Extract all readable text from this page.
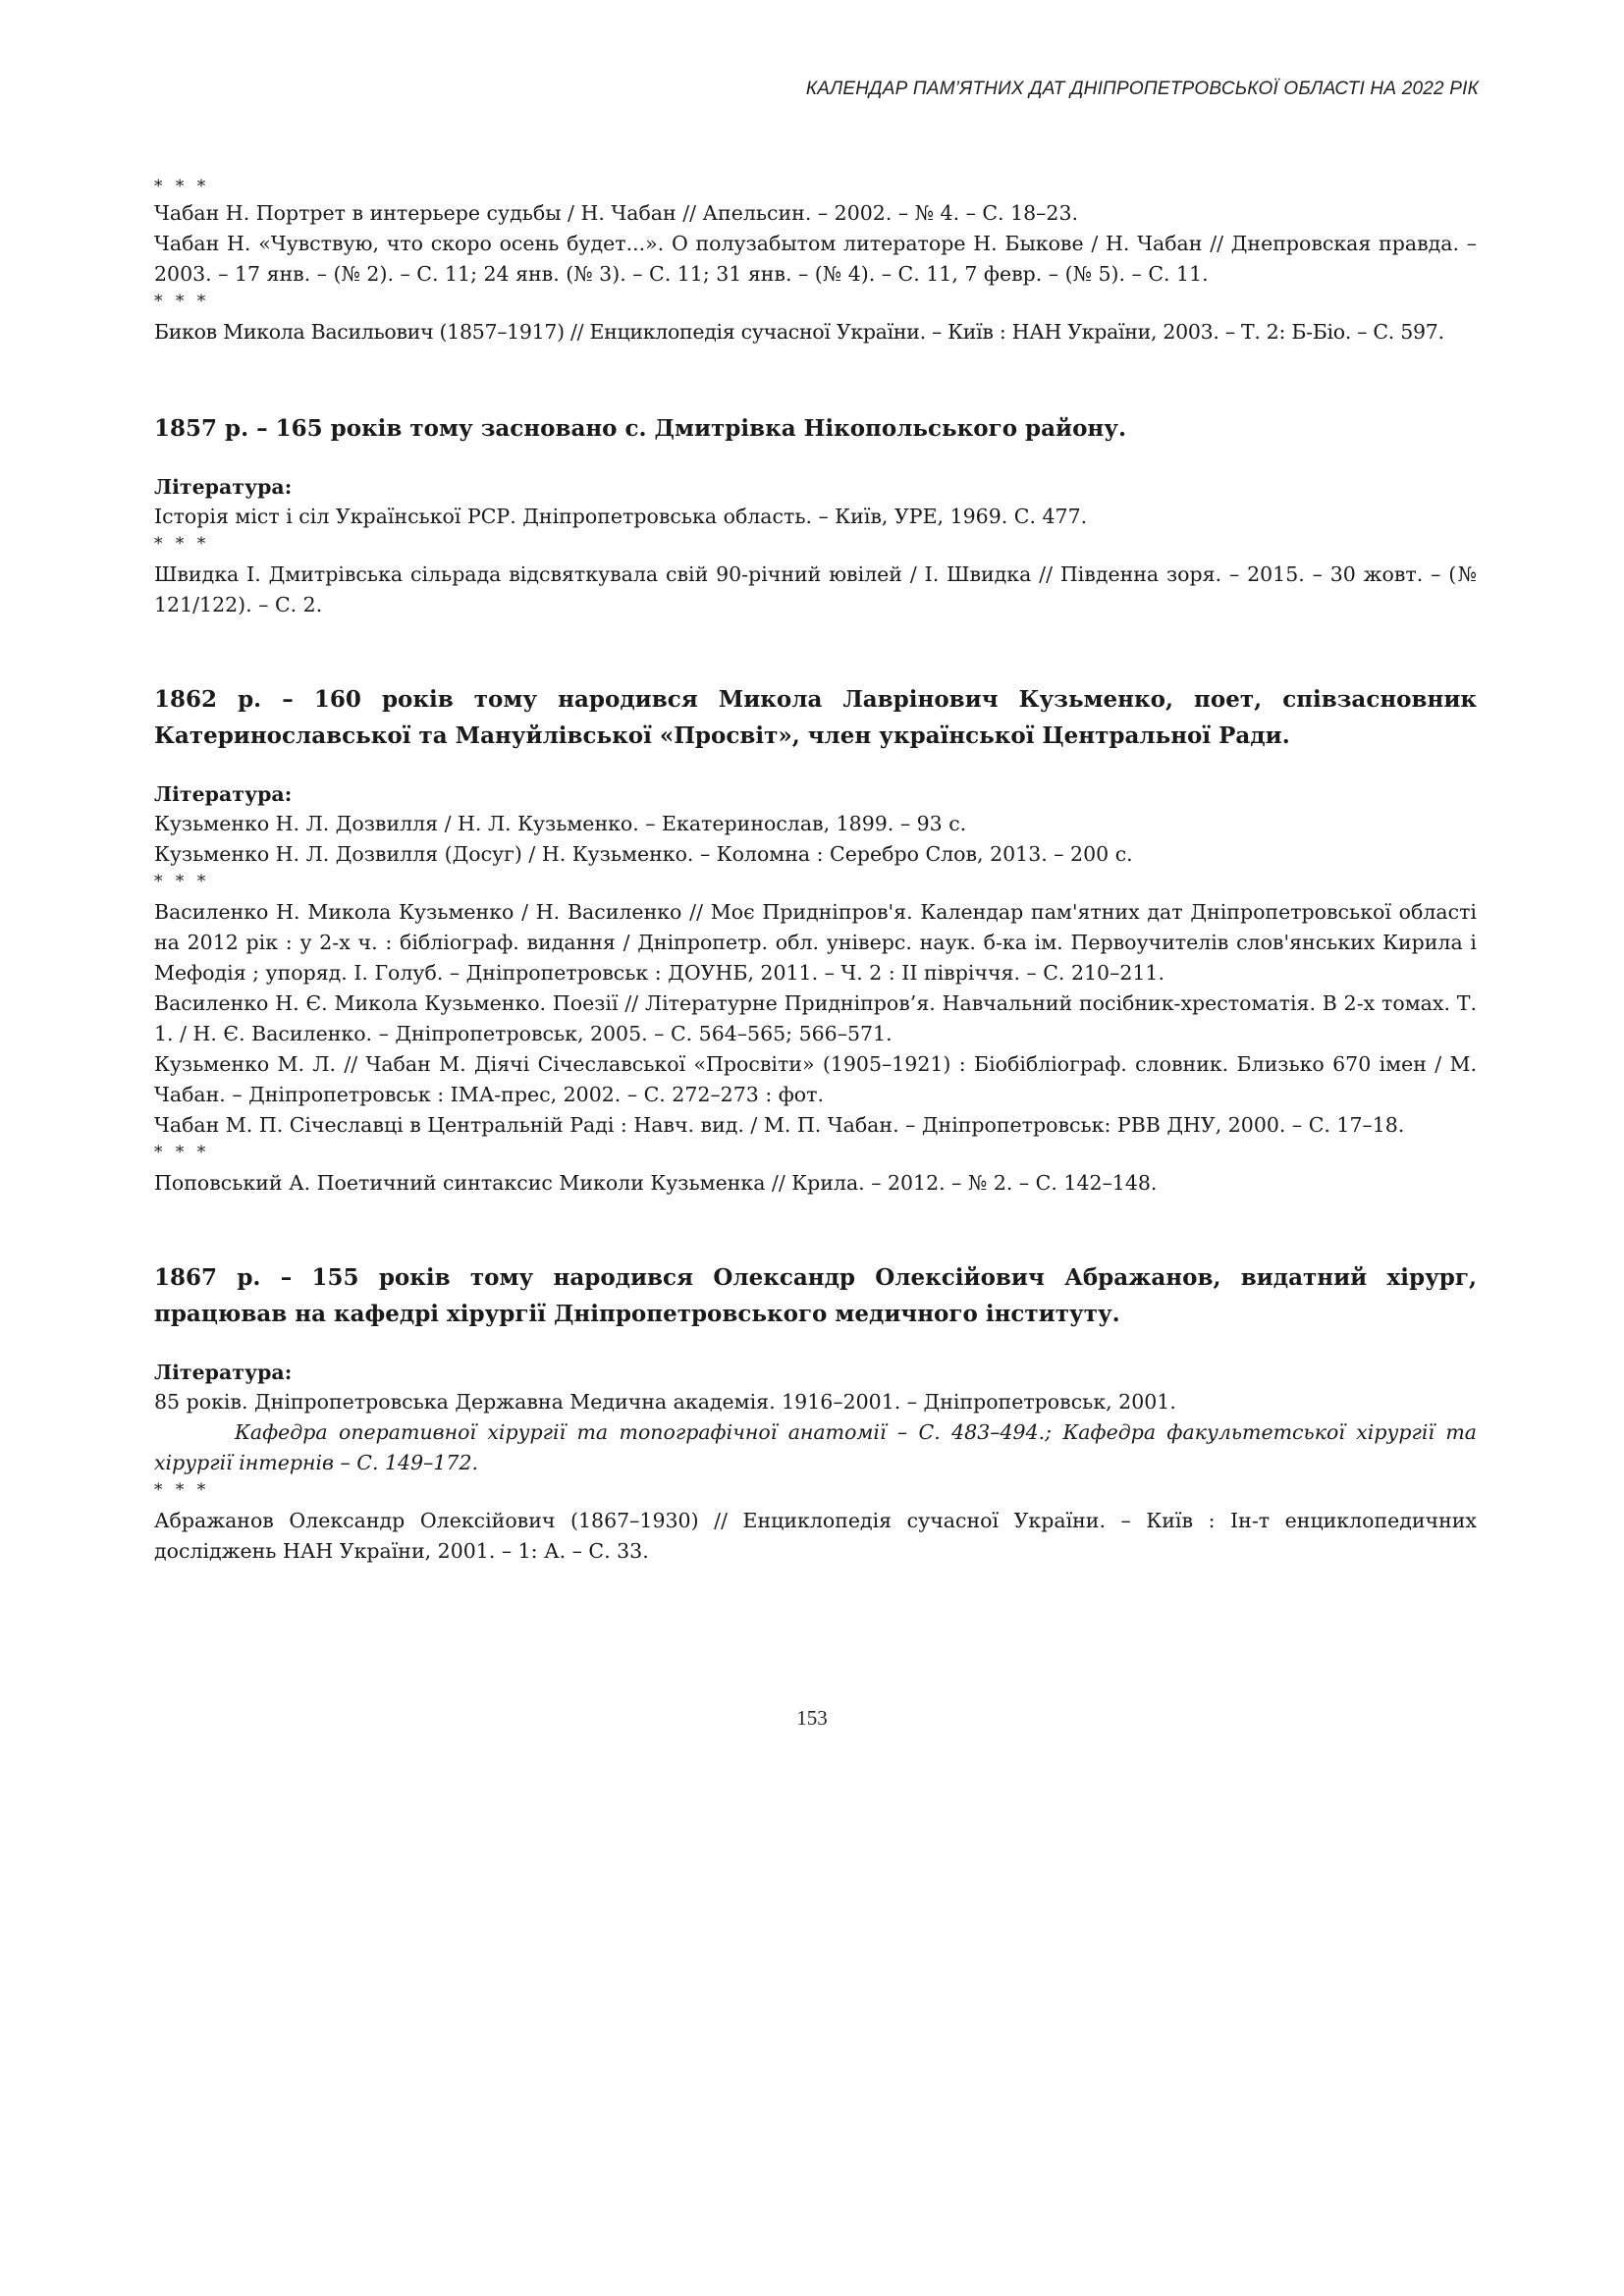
КАЛЕНДАР ПАМ’ЯТНИХ ДАТ ДНІПРОПЕТРОВСЬКОЇ ОБЛАСТІ НА 2022 РІК

* * *

Чабан Н. Портрет в интерьере судьбы / Н. Чабан // Апельсин. – 2002. – № 4. – С. 18–23.

Чабан Н. «Чувствую, что скоро осень будет...». О полузабытом литераторе Н. Быкове / Н. Чабан // Днепровская правда. – 2003. – 17 янв. – (№ 2). – С. 11; 24 янв. (№ 3). – С. 11; 31 янв. – (№ 4). – С. 11, 7 февр. – (№ 5). – С. 11.

* * *

Биков Микола Васильович (1857–1917) // Енциклопедія сучасної України. – Київ : НАН України, 2003. – Т. 2: Б-Біо. – С. 597.

1857 р. – 165 років тому засновано с. Дмитрівка Нікопольського району.

Література:

Історія міст і сіл Української РСР. Дніпропетровська область. – Київ, УРЕ, 1969. С. 477.

* * *

Швидка І. Дмитрівська сільрада відсвяткувала свій 90-річний ювілей / І. Швидка // Південна зоря. – 2015. – 30 жовт. – (№ 121/122). – С. 2.

1862 р. – 160 років тому народився Микола Лаврінович Кузьменко, поет, співзасновник Катеринославської та Мануйлівської «Просвіт», член української Центральної Ради.

Література:

Кузьменко Н. Л. Дозвилля / Н. Л. Кузьменко. – Екатеринослав, 1899. – 93 с.

Кузьменко Н. Л. Дозвилля (Досуг) / Н. Кузьменко. – Коломна : Серебро Слов, 2013. – 200 с.

* * *

Василенко Н. Микола Кузьменко / Н. Василенко // Моє Придніпров'я. Календар пам'ятних дат Дніпропетровської області на 2012 рік : у 2-х ч. : бібліограф. видання / Дніпропетр. обл. універс. наук. б-ка ім. Первоучителів слов'янських Кирила і Мефодія ; упоряд. І. Голуб. – Дніпропетровськ : ДОУНБ, 2011. – Ч. 2 : ІІ півріччя. – С. 210–211.

Василенко Н. Є. Микола Кузьменко. Поезії // Літературне Придніпров’я. Навчальний посібник-хрестоматія. В 2-х томах. Т. 1. / Н. Є. Василенко. – Дніпропетровськ, 2005. – С. 564–565; 566–571.

Кузьменко М. Л. // Чабан М. Діячі Січеславської «Просвіти» (1905–1921) : Біобібліограф. словник. Близько 670 імен / М. Чабан. – Дніпропетровськ : ІМА-прес, 2002. – С. 272–273 : фот.

Чабан М. П. Січеславці в Центральній Раді : Навч. вид. / М. П. Чабан. – Дніпропетровськ: РВВ ДНУ, 2000. – С. 17–18.

* * *

Поповський А. Поетичний синтаксис Миколи Кузьменка // Крила. – 2012. – № 2. – С. 142–148.

1867 р. – 155 років тому народився Олександр Олексійович Абражанов, видатний хірург, працював на кафедрі хірургії Дніпропетровського медичного інституту.

Література:

85 років. Дніпропетровська Державна Медична академія. 1916–2001. – Дніпропетровськ, 2001.

Кафедра оперативної хірургії та топографічної анатомії – С. 483–494.; Кафедра факультетської хірургії та хірургії інтернів – С. 149–172.

* * *

Абражанов Олександр Олексійович (1867–1930) // Енциклопедія сучасної України. – Київ : Ін-т енциклопедичних досліджень НАН України, 2001. – 1: А. – С. 33.

153
